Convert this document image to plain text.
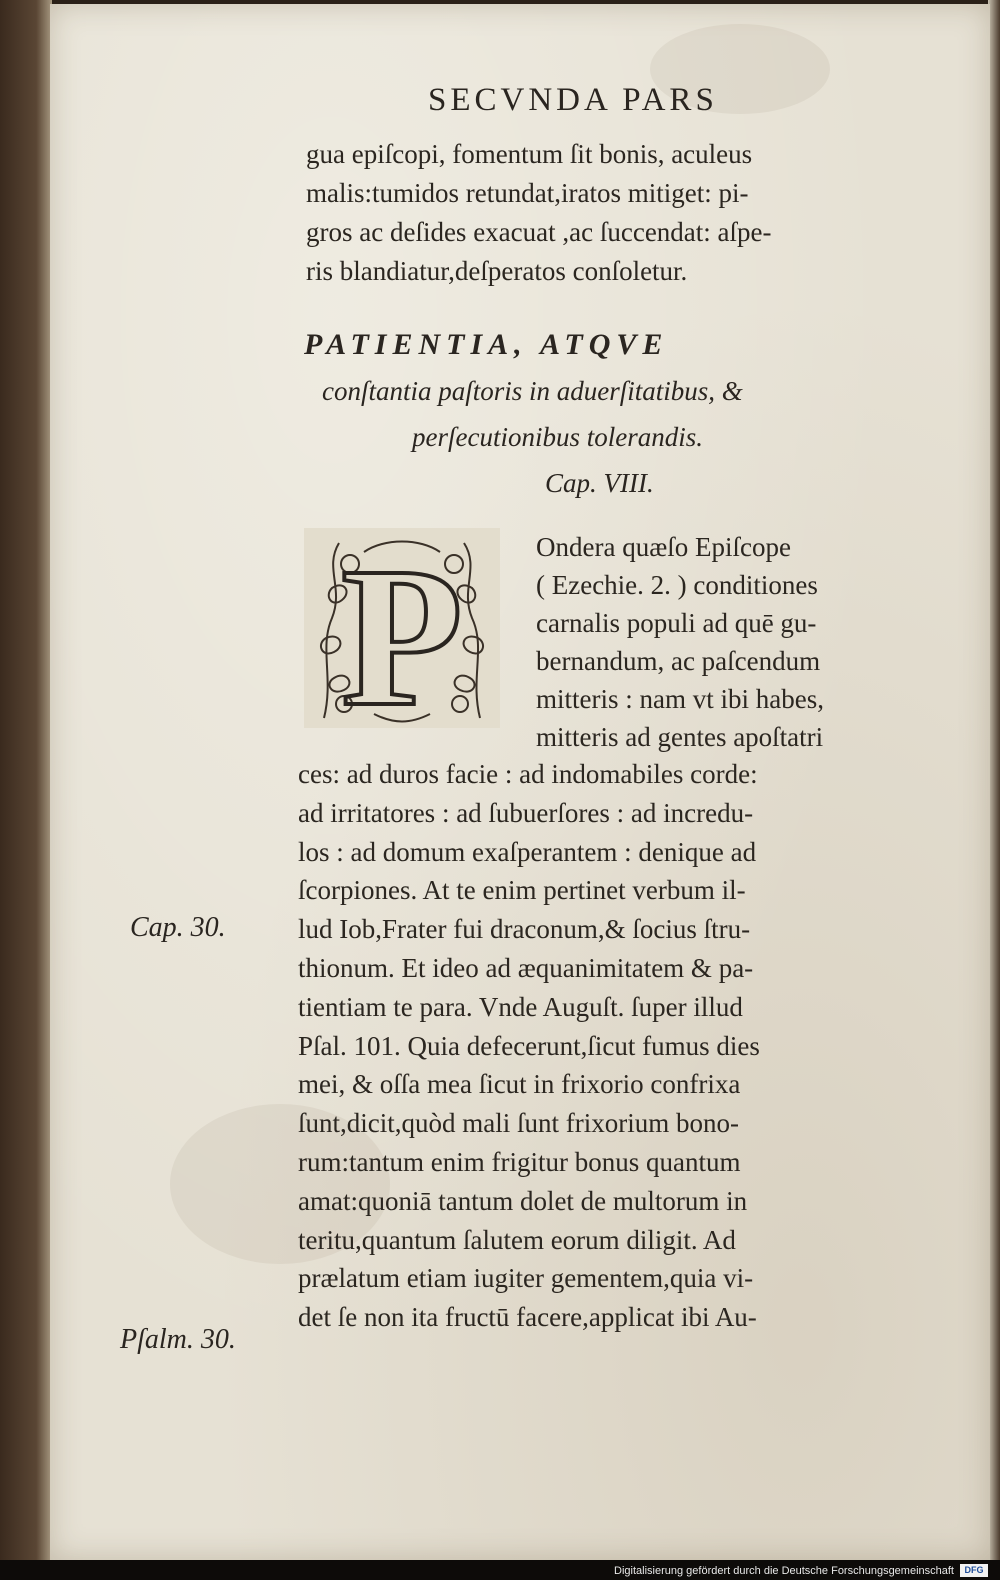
SECVNDA PARS
gua epiſcopi, fomentum ſit bonis, aculeus
malis:tumidos retundat,iratos mitiget: pi-
gros ac deſides exacuat ,ac ſuccendat: aſpe-
ris blandiatur,deſperatos conſoletur.
PATIENTIA, ATQVE
conſtantia paſtoris in aduerſitatibus, &
perſecutionibus tolerandis.
Cap. VIII.
P	Ondera quæſo Epiſcope
( Ezechie. 2. ) conditiones
carnalis populi ad quē gu-
bernandum, ac paſcendum
mitteris : nam vt ibi habes,
mitteris ad gentes apoſtatri
ces: ad duros facie : ad indomabiles corde:
ad irritatores : ad ſubuerſores : ad incredu-
los : ad domum exaſperantem : denique ad
ſcorpiones. At te enim pertinet verbum il-
lud Iob,Frater fui draconum,& ſocius ſtru-
thionum. Et ideo ad æquanimitatem & pa-
tientiam te para. Vnde Auguſt. ſuper illud
Pſal. 101. Quia defecerunt,ſicut fumus dies
mei, & oſſa mea ſicut in frixorio confrixa
ſunt,dicit,quòd mali ſunt frixorium bono-
rum:tantum enim frigitur bonus quantum
amat:quoniā tantum dolet de multorum in
teritu,quantum ſalutem eorum diligit. Ad
prælatum etiam iugiter gementem,quia vi-
det ſe non ita fructū facere,applicat ibi Au-
Cap. 30.
Pſalm. 30.
Digitalisierung gefördert durch die Deutsche Forschungsgemeinschaft	DFG
